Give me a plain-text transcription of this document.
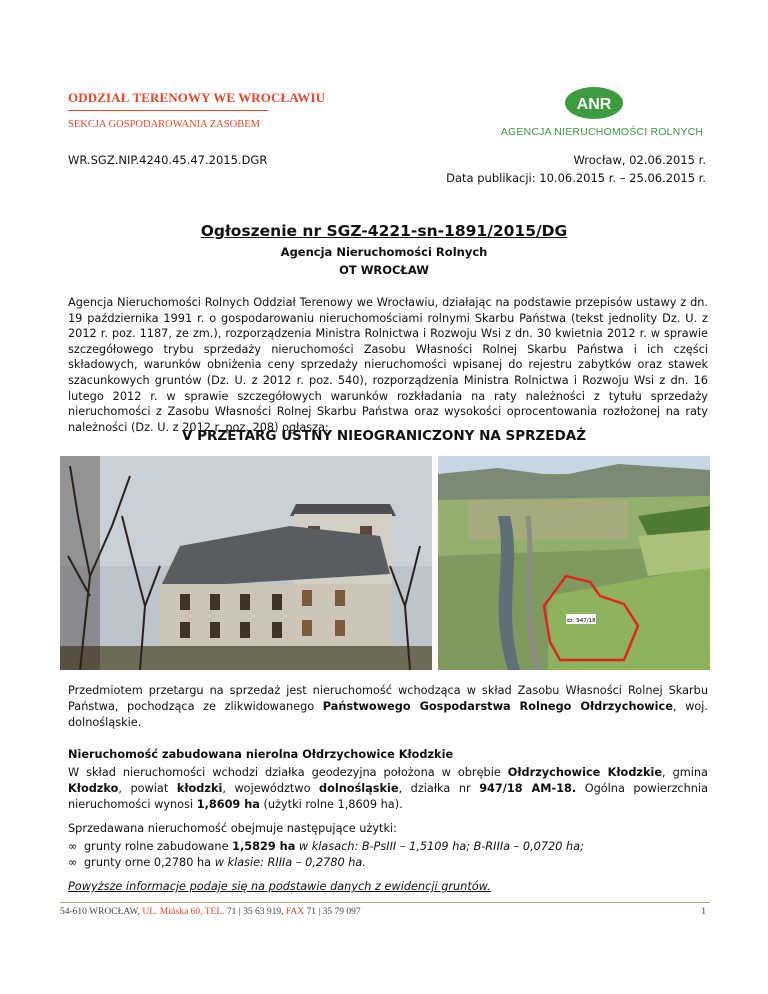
ODDZIAŁ TERENOWY WE WROCŁAWIU
SEKCJA GOSPODAROWANIA ZASOBEM
ANR
AGENCJA NIERUCHOMOŚCI ROLNYCH
WR.SGZ.NIP.4240.45.47.2015.DGR	Wrocław, 02.06.2015 r.
Data publikacji: 10.06.2015 r. – 25.06.2015 r.
Ogłoszenie nr SGZ-4221-sn-1891/2015/DG
Agencja Nieruchomości Rolnych
OT WROCŁAW
Agencja Nieruchomości Rolnych Oddział Terenowy we Wrocławiu, działając na podstawie przepisów ustawy z dn. 19 października 1991 r. o gospodarowaniu nieruchomościami rolnymi Skarbu Państwa (tekst jednolity Dz. U. z 2012 r. poz. 1187, ze zm.), rozporządzenia Ministra Rolnictwa i Rozwoju Wsi z dn. 30 kwietnia 2012 r. w sprawie szczegółowego trybu sprzedaży nieruchomości Zasobu Własności Rolnej Skarbu Państwa i ich części składowych, warunków obniżenia ceny sprzedaży nieruchomości wpisanej do rejestru zabytków oraz stawek szacunkowych gruntów (Dz. U. z 2012 r. poz. 540), rozporządzenia Ministra Rolnictwa i Rozwoju Wsi z dn. 16 lutego 2012 r. w sprawie szczegółowych warunków rozkładania na raty należności z tytułu sprzedaży nieruchomości z Zasobu Własności Rolnej Skarbu Państwa oraz wysokości oprocentowania rozłożonej na raty należności (Dz. U. z 2012 r. poz. 208) ogłasza:
V PRZETARG USTNY NIEOGRANICZONY NA SPRZEDAŻ
dz. 947/18
Przedmiotem przetargu na sprzedaż jest nieruchomość wchodząca w skład Zasobu Własności Rolnej Skarbu Państwa, pochodząca ze zlikwidowanego Państwowego Gospodarstwa Rolnego Ołdrzychowice, woj. dolnośląskie.
Nieruchomość zabudowana nierolna Ołdrzychowice Kłodzkie
W skład nieruchomości wchodzi działka geodezyjna położona w obrębie Ołdrzychowice Kłodzkie, gmina Kłodzko, powiat kłodzki, województwo dolnośląskie, działka nr 947/18 AM-18. Ogólna powierzchnia nieruchomości wynosi 1,8609 ha (użytki rolne 1,8609 ha).
Sprzedawana nieruchomość obejmuje następujące użytki:
∞ grunty rolne zabudowane 1,5829 ha w klasach: B-PsIII – 1,5109 ha; B-RIIIa – 0,0720 ha;
∞ grunty orne 0,2780 ha w klasie: RIIIa – 0,2780 ha.
Powyższe informacje podaje się na podstawie danych z ewidencji gruntów.
54-610 WROCŁAW, UL. Mińska 60, TEL. 71 | 35 63 919, FAX 71 | 35 79 097	1
